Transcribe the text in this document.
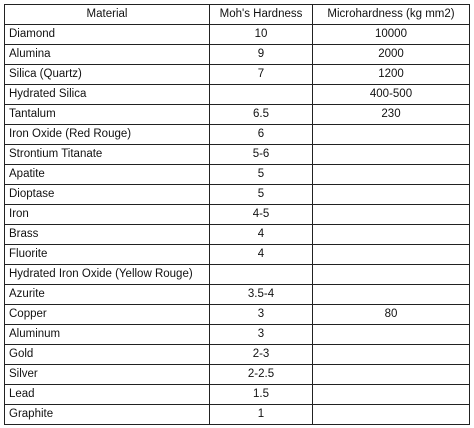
Material	Moh's Hardness	Microhardness (kg mm2)
Diamond	10	10000
Alumina	9	2000
Silica (Quartz)	7	1200
Hydrated Silica		400-500
Tantalum	6.5	230
Iron Oxide (Red Rouge)	6	
Strontium Titanate	5-6	
Apatite	5	
Dioptase	5	
Iron	4-5	
Brass	4	
Fluorite	4	
Hydrated Iron Oxide (Yellow Rouge)		
Azurite	3.5-4	
Copper	3	80
Aluminum	3	
Gold	2-3	
Silver	2-2.5	
Lead	1.5	
Graphite	1	
